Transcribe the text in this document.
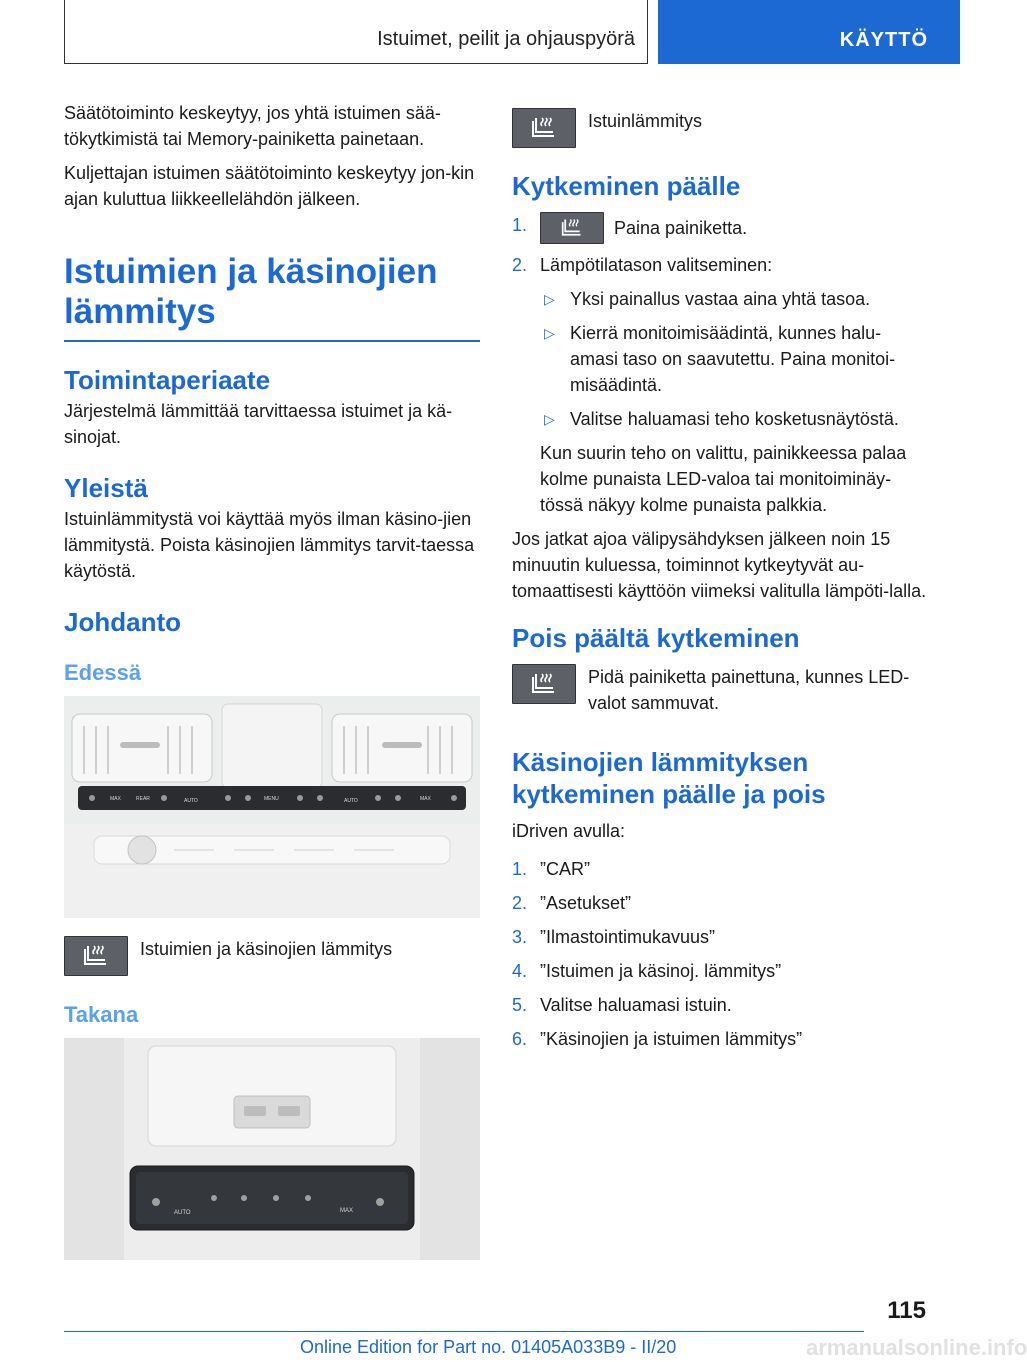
Istuimet, peilit ja ohjauspyörä	KÄYTTÖ

Säätötoiminto keskeytyy, jos yhtä istuimen sää-tökytkimistä tai Memory-painiketta painetaan.

Kuljettajan istuimen säätötoiminto keskeytyy jon-kin ajan kuluttua liikkeellelähdön jälkeen.

Istuimien ja käsinojien lämmitys
Toimintaperiaate

Järjestelmä lämmittää tarvittaessa istuimet ja kä-sinojat.

Yleistä

Istuinlämmitystä voi käyttää myös ilman käsino-jien lämmitystä. Poista käsinojien lämmitys tarvit-taessa käytöstä.

Johdanto
Edessä
MAX	REAR	AUTO	MENU	AUTO	MAX

Istuimien ja käsinojien lämmitys

Takana
AUTO	MAX

Istuinlämmitys

Kytkeminen päälle
1.	Paina painiketta.
2. Lämpötilatason valitseminen:
▷ Yksi painallus vastaa aina yhtä tasoa.
▷ Kierrä monitoimisäädintä, kunnes halu-amasi taso on saavutettu. Paina monitoi-misäädintä.
▷ Valitse haluamasi teho kosketusnäytöstä.

Kun suurin teho on valittu, painikkeessa palaa kolme punaista LED-valoa tai monitoiminäy-tössä näkyy kolme punaista palkkia.

Jos jatkat ajoa välipysähdyksen jälkeen noin 15 minuutin kuluessa, toiminnot kytkeytyvät au-tomaattisesti käyttöön viimeksi valitulla lämpöti-lalla.

Pois päältä kytkeminen

Pidä painiketta painettuna, kunnes LED-valot sammuvat.

Käsinojien lämmityksen kytkeminen päälle ja pois

iDriven avulla:

1. ”CAR”
2. ”Asetukset”
3. ”Ilmastointimukavuus”
4. ”Istuimen ja käsinoj. lämmitys”
5. Valitse haluamasi istuin.
6. ”Käsinojien ja istuimen lämmitys”
115
Online Edition for Part no. 01405A033B9 - II/20	armanualsonline.info
